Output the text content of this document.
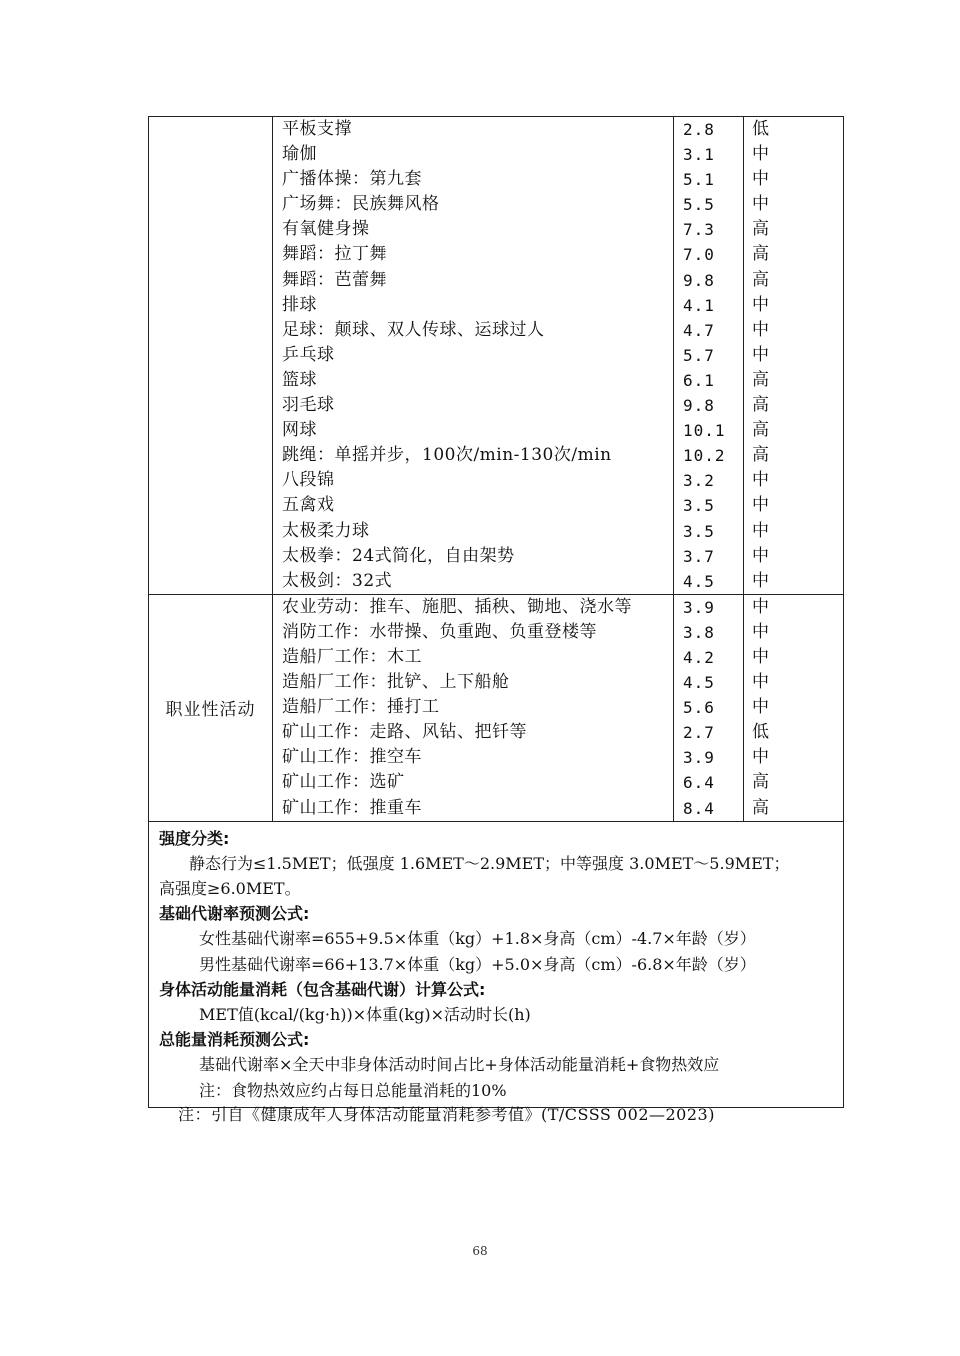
平板支撑	2.8	低
瑜伽	3.1	中
广播体操：第九套	5.1	中
广场舞：民族舞风格	5.5	中
有氧健身操	7.3	高
舞蹈：拉丁舞	7.0	高
舞蹈：芭蕾舞	9.8	高
排球	4.1	中
足球：颠球、双人传球、运球过人	4.7	中
乒乓球	5.7	中
篮球	6.1	高
羽毛球	9.8	高
网球	10.1	高
跳绳：单摇并步，100次/min-130次/min	10.2	高
八段锦	3.2	中
五禽戏	3.5	中
太极柔力球	3.5	中
太极拳：24式简化，自由架势	3.7	中
太极剑：32式	4.5	中
职业性活动
农业劳动：推车、施肥、插秧、锄地、浇水等	3.9	中
消防工作：水带操、负重跑、负重登楼等	3.8	中
造船厂工作：木工	4.2	中
造船厂工作：批铲、上下船舱	4.5	中
造船厂工作：捶打工	5.6	中
矿山工作：走路、风钻、把钎等	2.7	低
矿山工作：推空车	3.9	中
矿山工作：选矿	6.4	高
矿山工作：推重车	8.4	高
强度分类:
静态行为≤1.5MET；低强度 1.6MET～2.9MET；中等强度 3.0MET～5.9MET；
高强度≥6.0MET。
基础代谢率预测公式:
女性基础代谢率=655+9.5×体重（kg）+1.8×身高（cm）-4.7×年龄（岁）
男性基础代谢率=66+13.7×体重（kg）+5.0×身高（cm）-6.8×年龄（岁）
身体活动能量消耗（包含基础代谢）计算公式:
MET值(kcal/(kg·h))×体重(kg)×活动时长(h)
总能量消耗预测公式:
基础代谢率×全天中非身体活动时间占比+身体活动能量消耗+食物热效应
注：食物热效应约占每日总能量消耗的10%
注：引自《健康成年人身体活动能量消耗参考值》(T/CSSS 002—2023)
68
